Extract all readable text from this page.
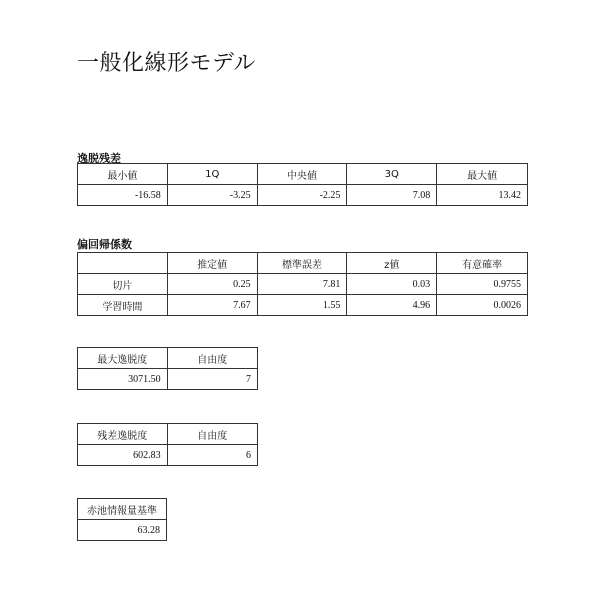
一般化線形モデル
逸脱残差
最小値	1Q	中央値	3Q	最大値
-16.58	-3.25	-2.25	7.08	13.42
偏回帰係数
	推定値	標準誤差	z値	有意確率
切片	0.25	7.81	0.03	0.9755
学習時間	7.67	1.55	4.96	0.0026
最大逸脱度	自由度
3071.50	7
残差逸脱度	自由度
602.83	6
赤池情報量基準
63.28
